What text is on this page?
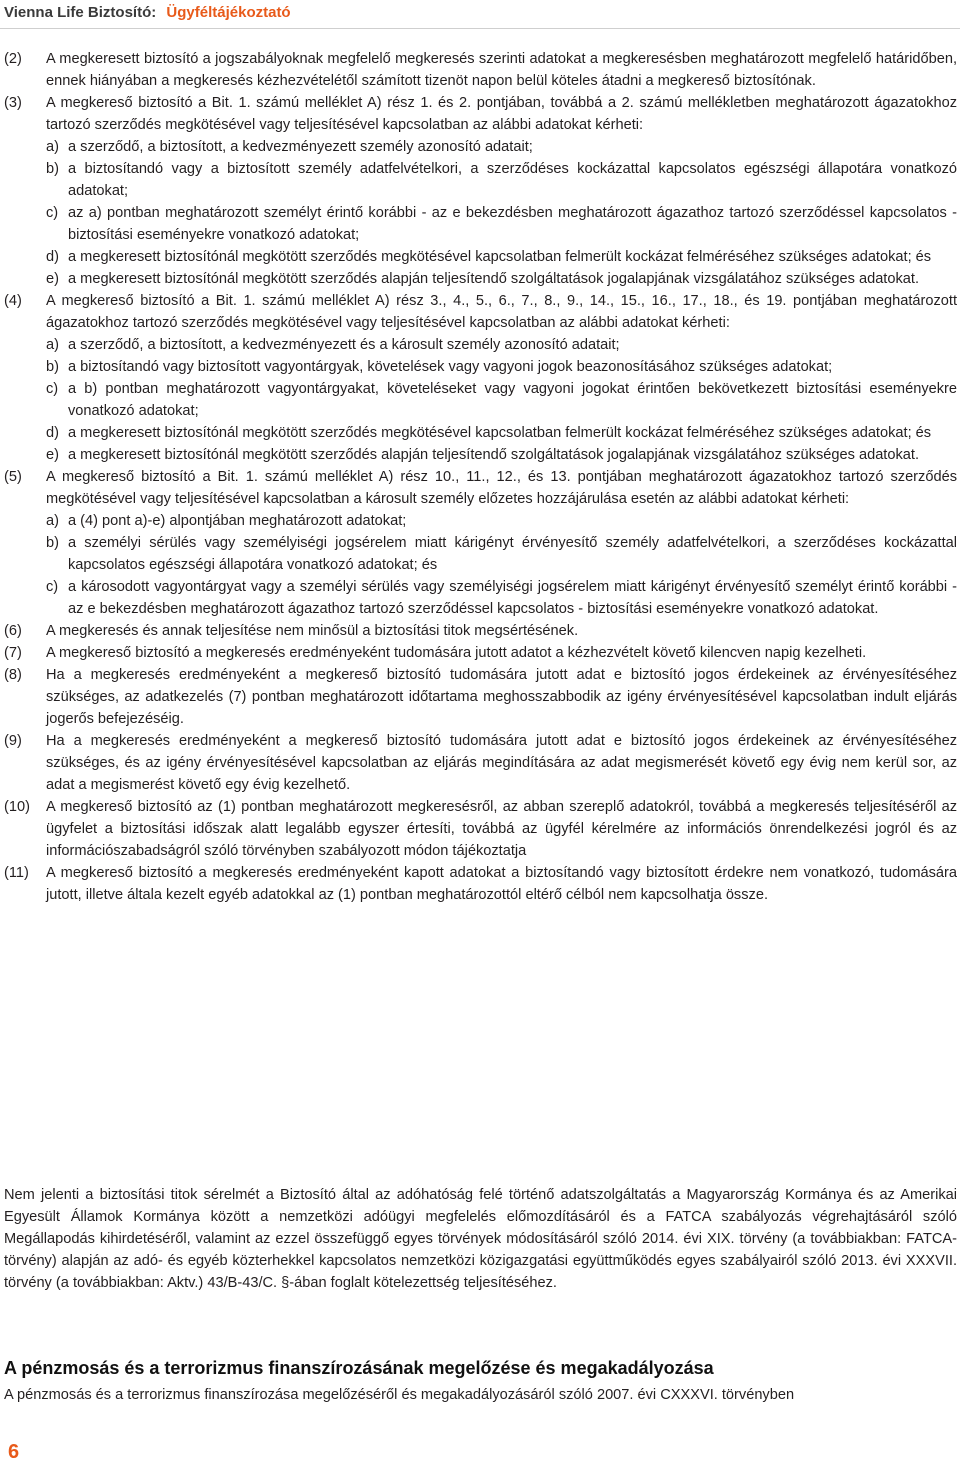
Vienna Life Biztosító: Ügyféltájékoztató
(2) A megkeresett biztosító a jogszabályoknak megfelelő megkeresés szerinti adatokat a megkeresésben meghatározott megfelelő határidőben, ennek hiányában a megkeresés kézhezvételétől számított tizenöt napon belül köteles átadni a megkereső biztosítónak.
(3) A megkereső biztosító a Bit. 1. számú melléklet A) rész 1. és 2. pontjában, továbbá a 2. számú mellékletben meghatározott ágazatokhoz tartozó szerződés megkötésével vagy teljesítésével kapcsolatban az alábbi adatokat kérheti:
a) a szerződő, a biztosított, a kedvezményezett személy azonosító adatait;
b) a biztosítandó vagy a biztosított személy adatfelvételkori, a szerződéses kockázattal kapcsolatos egészségi állapotára vonatkozó adatokat;
c) az a) pontban meghatározott személyt érintő korábbi - az e bekezdésben meghatározott ágazathoz tartozó szerződéssel kapcsolatos - biztosítási eseményekre vonatkozó adatokat;
d) a megkeresett biztosítónál megkötött szerződés megkötésével kapcsolatban felmerült kockázat felméréséhez szükséges adatokat; és
e) a megkeresett biztosítónál megkötött szerződés alapján teljesítendő szolgáltatások jogalapjának vizsgálatához szükséges adatokat.
(4) A megkereső biztosító a Bit. 1. számú melléklet A) rész 3., 4., 5., 6., 7., 8., 9., 14., 15., 16., 17., 18., és 19. pontjában meghatározott ágazatokhoz tartozó szerződés megkötésével vagy teljesítésével kapcsolatban az alábbi adatokat kérheti:
a) a szerződő, a biztosított, a kedvezményezett és a károsult személy azonosító adatait;
b) a biztosítandó vagy biztosított vagyontárgyak, követelések vagy vagyoni jogok beazonosításához szükséges adatokat;
c) a b) pontban meghatározott vagyontárgyakat, követeléseket vagy vagyoni jogokat érintően bekövetkezett biztosítási eseményekre vonatkozó adatokat;
d) a megkeresett biztosítónál megkötött szerződés megkötésével kapcsolatban felmerült kockázat felméréséhez szükséges adatokat; és
e) a megkeresett biztosítónál megkötött szerződés alapján teljesítendő szolgáltatások jogalapjának vizsgálatához szükséges adatokat.
(5) A megkereső biztosító a Bit. 1. számú melléklet A) rész 10., 11., 12., és 13. pontjában meghatározott ágazatokhoz tartozó szerződés megkötésével vagy teljesítésével kapcsolatban a károsult személy előzetes hozzájárulása esetén az alábbi adatokat kérheti:
a) a (4) pont a)-e) alpontjában meghatározott adatokat;
b) a személyi sérülés vagy személyiségi jogsérelem miatt kárigényt érvényesítő személy adatfelvételkori, a szerződéses kockázattal kapcsolatos egészségi állapotára vonatkozó adatokat; és
c) a károsodott vagyontárgyat vagy a személyi sérülés vagy személyiségi jogsérelem miatt kárigényt érvényesítő személyt érintő korábbi - az e bekezdésben meghatározott ágazathoz tartozó szerződéssel kapcsolatos - biztosítási eseményekre vonatkozó adatokat.
(6) A megkeresés és annak teljesítése nem minősül a biztosítási titok megsértésének.
(7) A megkereső biztosító a megkeresés eredményeként tudomására jutott adatot a kézhezvételt követő kilencven napig kezelheti.
(8) Ha a megkeresés eredményeként a megkereső biztosító tudomására jutott adat e biztosító jogos érdekeinek az érvényesítéséhez szükséges, az adatkezelés (7) pontban meghatározott időtartama meghosszabbodik az igény érvényesítésével kapcsolatban indult eljárás jogerős befejezéséig.
(9) Ha a megkeresés eredményeként a megkereső biztosító tudomására jutott adat e biztosító jogos érdekeinek az érvényesítéséhez szükséges, és az igény érvényesítésével kapcsolatban az eljárás megindítására az adat megismerését követő egy évig nem kerül sor, az adat a megismerést követő egy évig kezelhető.
(10) A megkereső biztosító az (1) pontban meghatározott megkeresésről, az abban szereplő adatokról, továbbá a megkeresés teljesítéséről az ügyfelet a biztosítási időszak alatt legalább egyszer értesíti, továbbá az ügyfél kérelmére az információs önrendelkezési jogról és az információszabadságról szóló törvényben szabályozott módon tájékoztatja
(11) A megkereső biztosító a megkeresés eredményeként kapott adatokat a biztosítandó vagy biztosított érdekre nem vonatkozó, tudomására jutott, illetve általa kezelt egyéb adatokkal az (1) pontban meghatározottól eltérő célból nem kapcsolhatja össze.
Nem jelenti a biztosítási titok sérelmét a Biztosító által az adóhatóság felé történő adatszolgáltatás a Magyarország Kormánya és az Amerikai Egyesült Államok Kormánya között a nemzetközi adóügyi megfelelés előmozdításáról és a FATCA szabályozás végrehajtásáról szóló Megállapodás kihirdetéséről, valamint az ezzel összefüggő egyes törvények módosításáról szóló 2014. évi XIX. törvény (a továbbiakban: FATCA-törvény) alapján az adó- és egyéb közterhekkel kapcsolatos nemzetközi közigazgatási együttműködés egyes szabályairól szóló 2013. évi XXXVII. törvény (a továbbiakban: Aktv.) 43/B-43/C. §-ában foglalt kötelezettség teljesítéséhez.
A pénzmosás és a terrorizmus finanszírozásának megelőzése és megakadályozása
A pénzmosás és a terrorizmus finanszírozása megelőzéséről és megakadályozásáról szóló 2007. évi CXXXVI. törvényben
6
